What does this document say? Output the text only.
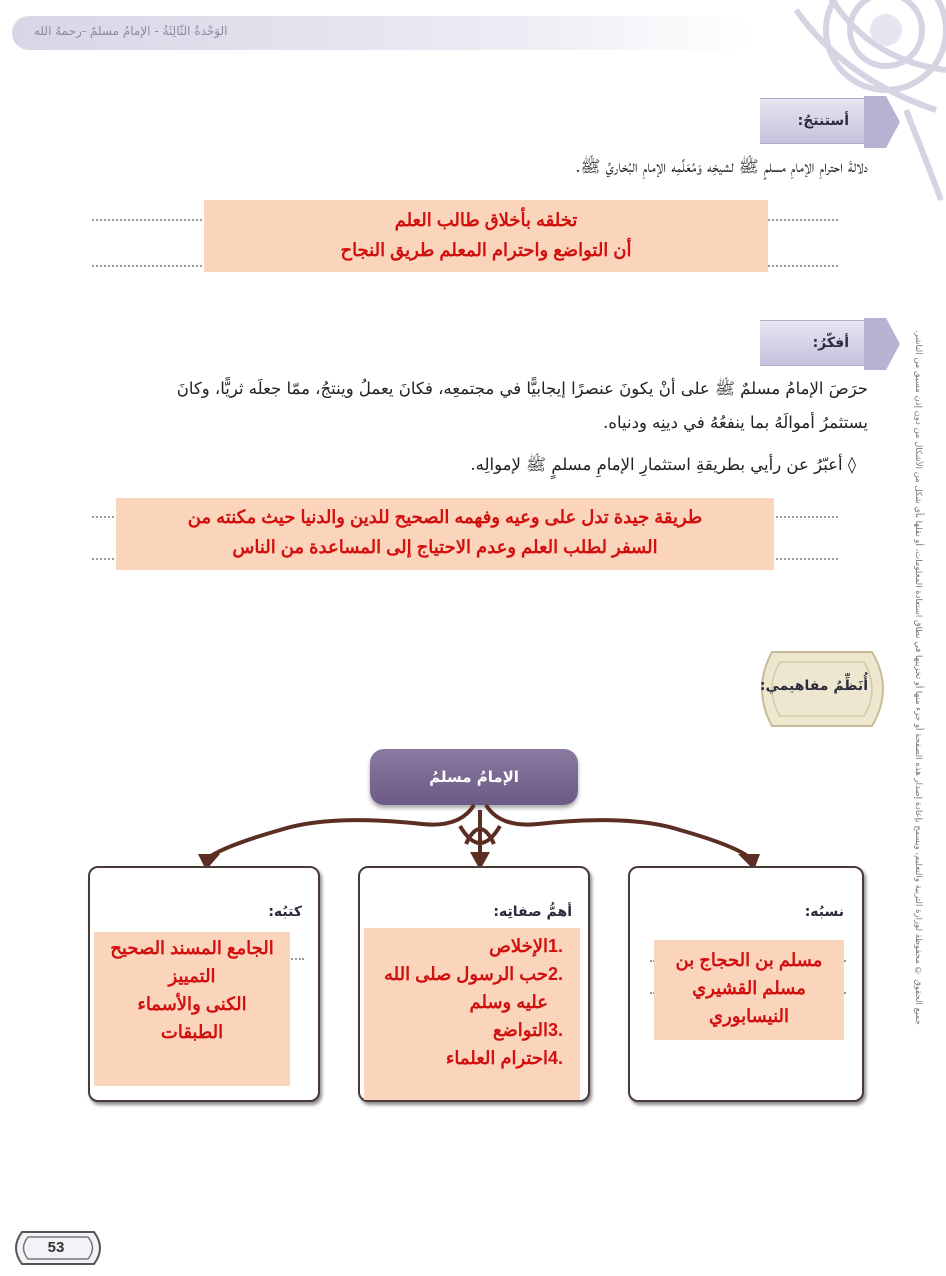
الوَحْدةُ الثّالِثَةُ - الإمامُ مسلمٌ -رحمهُ الله
جميع الحقوق © محفوظة لوزارة التربية والتعليم، ويسمح بإعادة إصدار هذه الصفحة أو جزء منها أو تخزينها في نطاق استعادة المعلومات، أو نقلها بأي شكل من الأشكال من دون إذن مسبق من الناشر.
أستنتجُ:
دلالةَ احترامِ الإمامِ مسلمٍ ﷺ لشيخِه وَمُعَلِّمِه الإمامِ البُخاريِّ ﷺ.
تخلقه بأخلاق طالب العلم
أن التواضع واحترام المعلم طريق النجاح
أفكّرُ:
حرَصَ الإمامُ مسلمٌ ﷺ على أنْ يكونَ عنصرًا إيجابيًّا في مجتمعِه، فكانَ يعملُ وينتجُ، ممّا جعلَه ثريًّا، وكانَ
يستثمرُ أموالَهُ بما ينفعُهُ في دينِه ودنياه.
◊ أعبّرُ عن رأيي بطريقةِ استثمارِ الإمامِ مسلمٍ ﷺ لإموالِه.
طريقة جيدة تدل على وعيه وفهمه الصحيح للدين والدنيا حيث مكنته من
السفر لطلب العلم وعدم الاحتياج إلى المساعدة من الناس
أُنَظِّمُ مفاهيمي:
الإمامُ مسلمُ
نسبُه:
مسلم بن الحجاج بن
مسلم القشيري
النيسابوري
أهمُّ صفاتِه:
1.
الإخلاص
2.
حب الرسول صلى الله عليه وسلم
3.
التواضع
4.
احترام العلماء
كتبُه:
الجامع المسند الصحيح
التمييز
الكنى والأسماء
الطبقات
53
